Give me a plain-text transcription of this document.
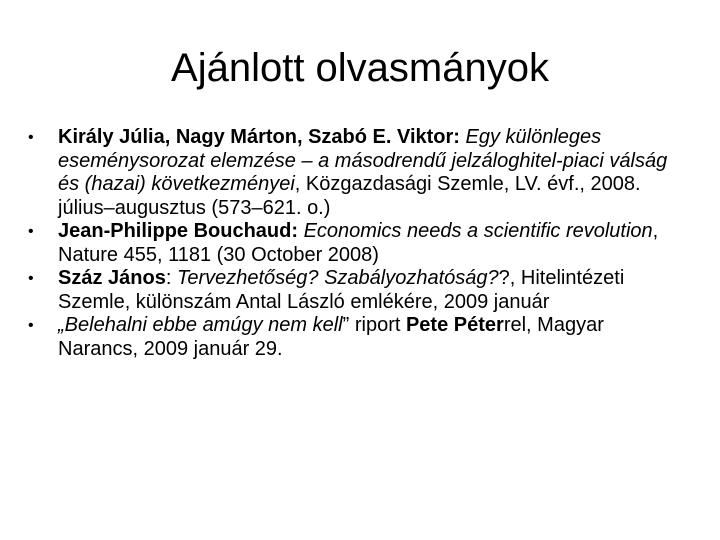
Ajánlott olvasmányok
•	Király Júlia, Nagy Márton, Szabó E. Viktor: Egy különleges eseménysorozat elemzése – a másodrendű jelzáloghitel-piaci válság és (hazai) következményei, Közgazdasági Szemle, LV. évf., 2008. július–augusztus (573–621. o.)
•	Jean-Philippe Bouchaud: Economics needs a scientific revolution, Nature 455, 1181 (30 October 2008)
•	Száz János: Tervezhetőség? Szabályozhatóság??, Hitelintézeti Szemle, különszám Antal László emlékére, 2009 január
•	„Belehalni ebbe amúgy nem kell” riport Pete Péterrel, Magyar Narancs, 2009 január 29.
